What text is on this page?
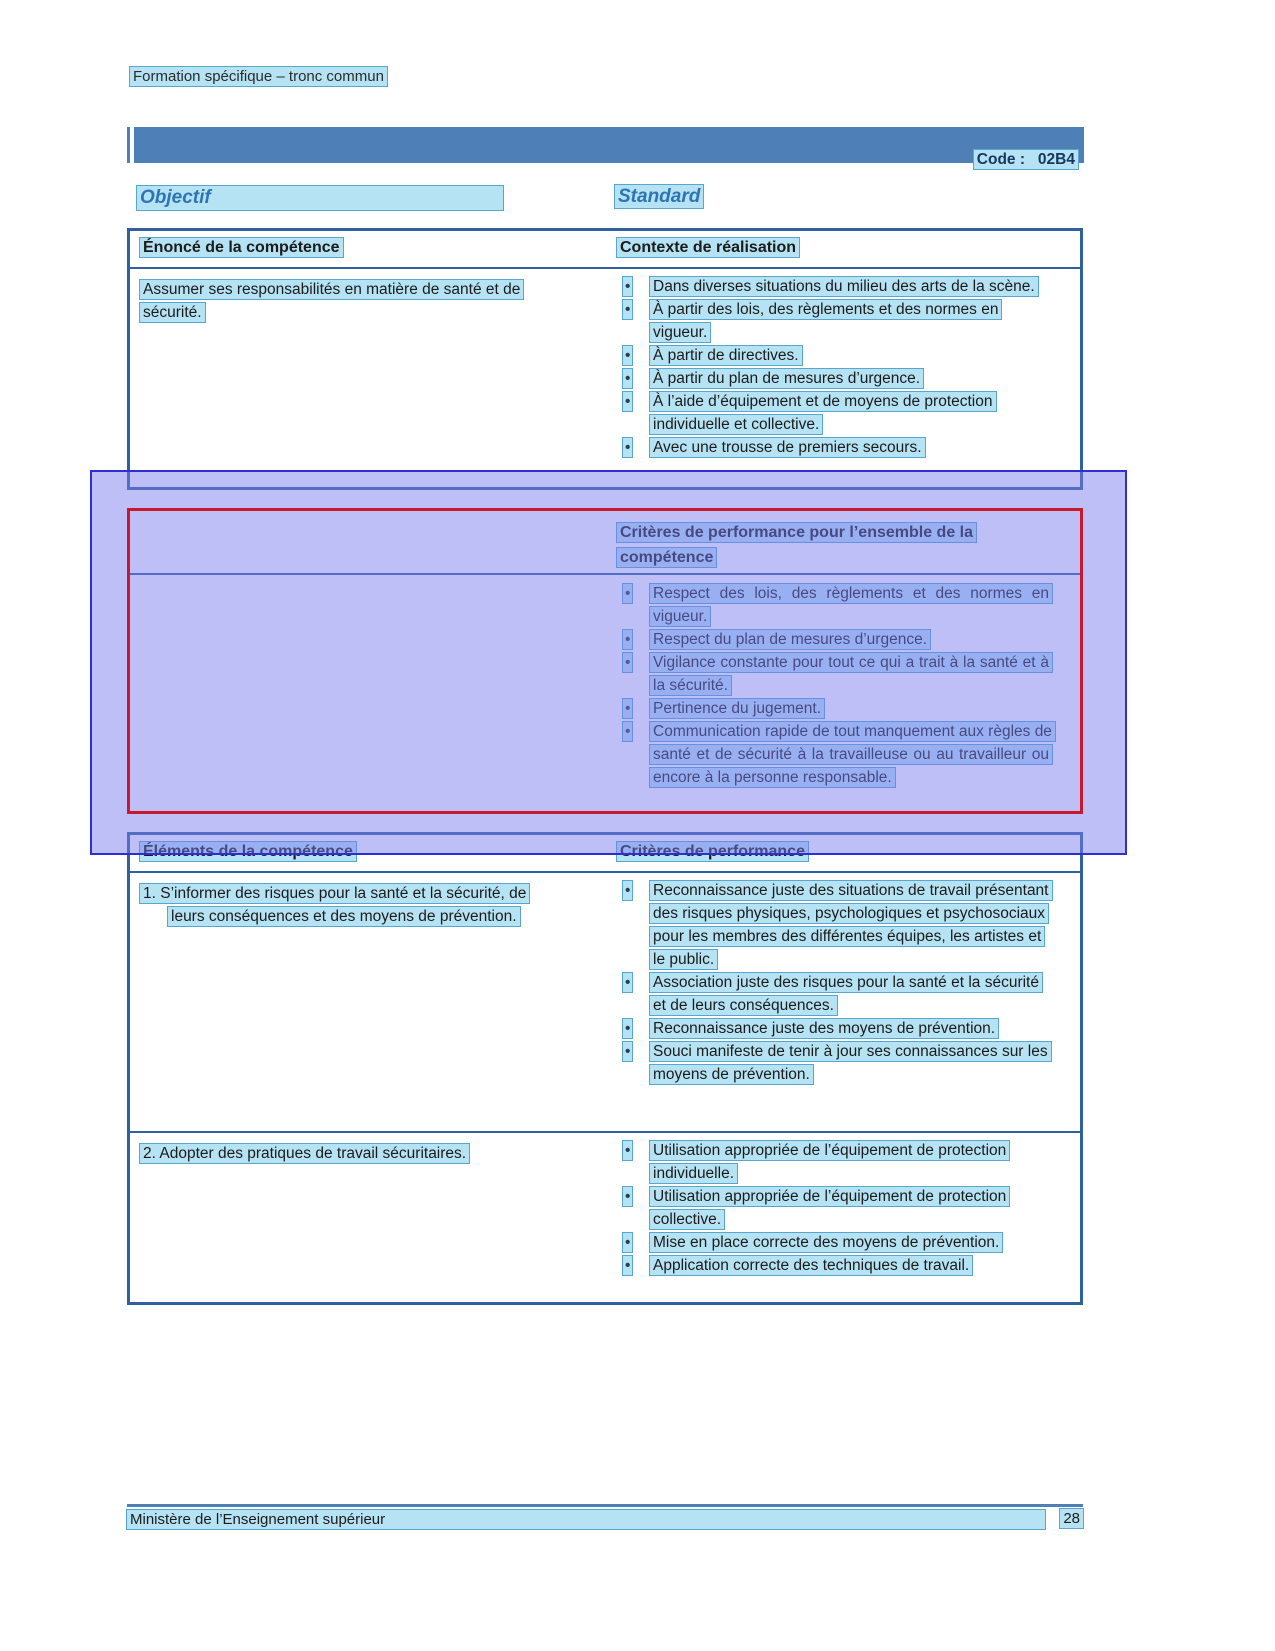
Formation spécifique – tronc commun

Code :   02B4

Objectif	Standard
Énoncé de la compétence	Contexte de réalisation
Assumer ses responsabilités en matière de santé et de sécurité.
•	Dans diverses situations du milieu des arts de la scène.
•	À partir des lois, des règlements et des normes en vigueur.
•	À partir de directives.
•	À partir du plan de mesures d’urgence.
•	À l’aide d’équipement et de moyens de protection individuelle et collective.
•	Avec une trousse de premiers secours.
Critères de performance pour l’ensemble de la compétence
•	Respect des lois, des règlements et des normes en vigueur.
•	Respect du plan de mesures d’urgence.
•	Vigilance constante pour tout ce qui a trait à la santé et à la sécurité.
•	Pertinence du jugement.
•	Communication rapide de tout manquement aux règles de santé et de sécurité à la travailleuse ou au travailleur ou encore à la personne responsable.
Éléments de la compétence	Critères de performance
1. S’informer des risques pour la santé et la sécurité, de leurs conséquences et des moyens de prévention.
•	Reconnaissance juste des situations de travail présentant des risques physiques, psychologiques et psychosociaux pour les membres des différentes équipes, les artistes et le public.
•	Association juste des risques pour la santé et la sécurité et de leurs conséquences.
•	Reconnaissance juste des moyens de prévention.
•	Souci manifeste de tenir à jour ses connaissances sur les moyens de prévention.
2. Adopter des pratiques de travail sécuritaires.	•	Utilisation appropriée de l’équipement de protection individuelle.
•	Utilisation appropriée de l’équipement de protection collective.
•	Mise en place correcte des moyens de prévention.
•	Application correcte des techniques de travail.
Ministère de l’Enseignement supérieur	28
